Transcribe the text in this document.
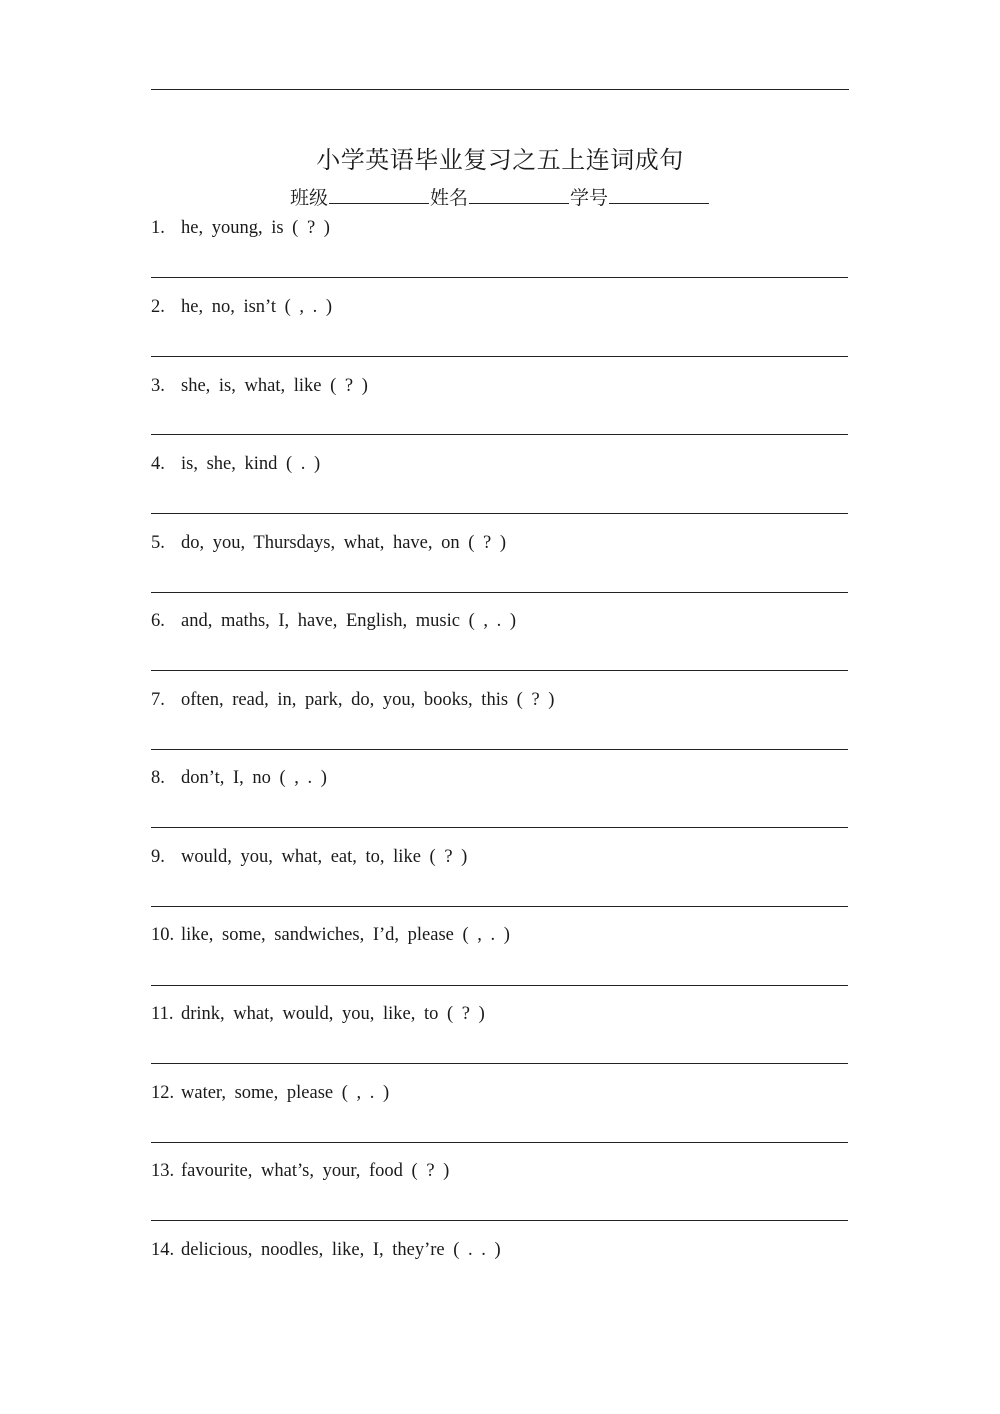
小学英语毕业复习之五上连词成句
班级	姓名	学号
1. he, young, is ( ? )
2. he, no, isn’t ( , . )
3. she, is, what, like ( ? )
4. is, she, kind ( . )
5. do, you, Thursdays, what, have, on ( ? )
6. and, maths, I, have, English, music ( , . )
7. often, read, in, park, do, you, books, this ( ? )
8. don’t, I, no ( , . )
9. would, you, what, eat, to, like ( ? )
10. like, some, sandwiches, I’d, please ( , . )
11. drink, what, would, you, like, to ( ? )
12. water, some, please ( , . )
13. favourite, what’s, your, food ( ? )
14. delicious, noodles, like, I, they’re ( . . )
